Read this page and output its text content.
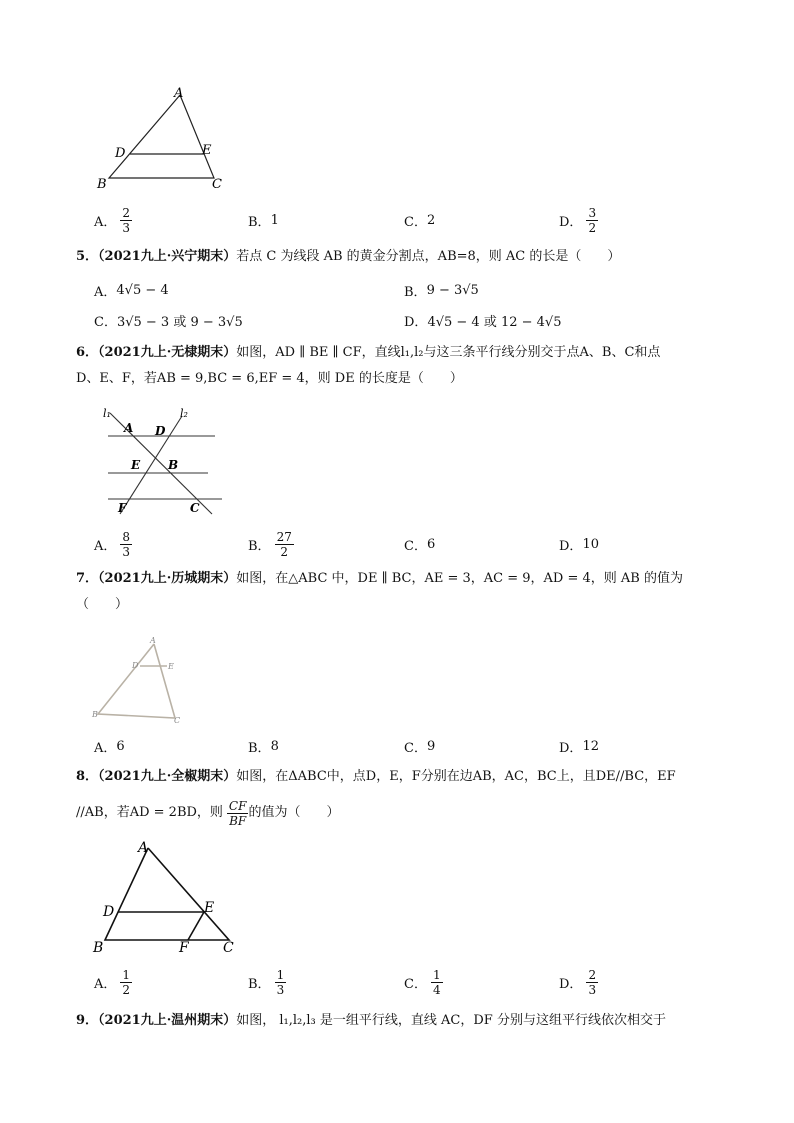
A
D	E
B	C
A． $\frac{2}{3}$	B． 1	C． 2	D． $\frac{3}{2}$
5．（2021九上·兴宁期末）若点 C 为线段 AB 的黄金分割点，AB=8，则 AC 的长是（　　）
A． 4√5 − 4	B． 9 − 3√5
C． 3√5 − 3 或 9 − 3√5	D． 4√5 − 4 或 12 − 4√5
6．（2021九上·无棣期末）如图，AD ∥ BE ∥ CF，直线l₁,l₂与这三条平行线分别交于点A、B、C和点
D、E、F，若AB = 9,BC = 6,EF = 4，则 DE 的长度是（　　）
l₁	l₂
A D
E B
F	C
A． $\frac{8}{3}$	B． $\frac{27}{2}$	C． 6	D． 10
7．（2021九上·历城期末）如图，在△ABC 中，DE ∥ BC，AE = 3，AC = 9，AD = 4，则 AB 的值为
（　　）
A
D	E
B
C
A． 6	B． 8	C． 9	D． 12
8．（2021九上·全椒期末）如图，在ΔABC中，点D，E，F分别在边AB，AC，BC上，且DE//BC，EF
//AB，若AD = 2BD，则 $\frac{CF}{BF}$ 的值为（　　）
A
D	E
B	F C
A． $\frac{1}{2}$	B． $\frac{1}{3}$	C． $\frac{1}{4}$	D． $\frac{2}{3}$
9．（2021九上·温州期末）如图， l₁,l₂,l₃ 是一组平行线，直线 AC，DF 分别与这组平行线依次相交于
